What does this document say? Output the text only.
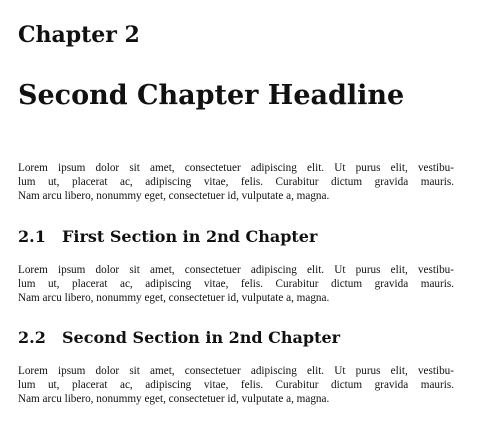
Chapter 2
Second Chapter Headline

Lorem ipsum dolor sit amet, consectetuer adipiscing elit. Ut purus elit, vestibu-
lum ut, placerat ac, adipiscing vitae, felis. Curabitur dictum gravida mauris.
Nam arcu libero, nonummy eget, consectetuer id, vulputate a, magna.

2.1 First Section in 2nd Chapter

Lorem ipsum dolor sit amet, consectetuer adipiscing elit. Ut purus elit, vestibu-
lum ut, placerat ac, adipiscing vitae, felis. Curabitur dictum gravida mauris.
Nam arcu libero, nonummy eget, consectetuer id, vulputate a, magna.

2.2 Second Section in 2nd Chapter

Lorem ipsum dolor sit amet, consectetuer adipiscing elit. Ut purus elit, vestibu-
lum ut, placerat ac, adipiscing vitae, felis. Curabitur dictum gravida mauris.
Nam arcu libero, nonummy eget, consectetuer id, vulputate a, magna.
